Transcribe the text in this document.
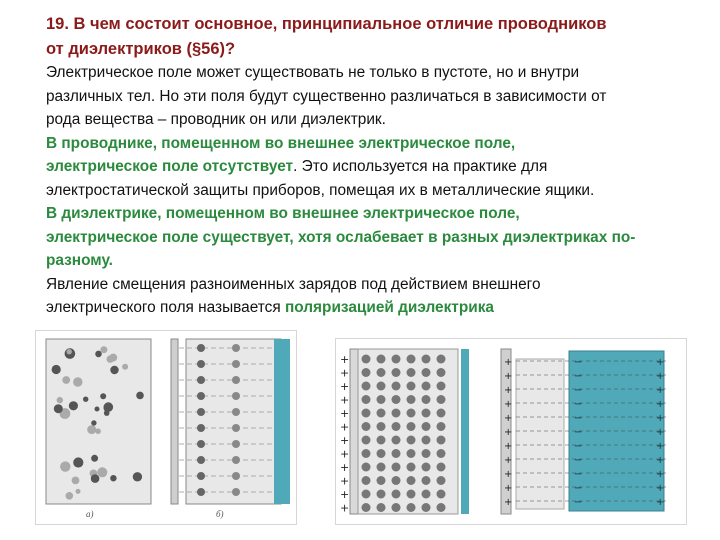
19. В чем состоит основное, принципиальное отличие проводников
от диэлектриков (§56)?
Электрическое поле может существовать не только в пустоте, но и внутри
различных тел. Но эти поля будут существенно различаться в зависимости от
рода вещества – проводник он или диэлектрик.
В проводнике, помещенном во внешнее электрическое поле,
электрическое поле отсутствует. Это используется на практике для
электростатической защиты приборов, помещая их в металлические ящики.
В диэлектрике, помещенном во внешнее электрическое поле,
электрическое поле существует, хотя ослабевает в разных диэлектриках по-
разному.
Явление смещения разноименных зарядов под действием внешнего
электрического поля называется поляризацией диэлектрика
а)	б)
+
+
+
+
+
+
+
+
+
+
+
+
+	−	+
+	−	+
+	−	+
+	−	+
+	−	+
+	−	+
+	−	+
+	−	+
+	−	+
+	−	+
+	−	+
